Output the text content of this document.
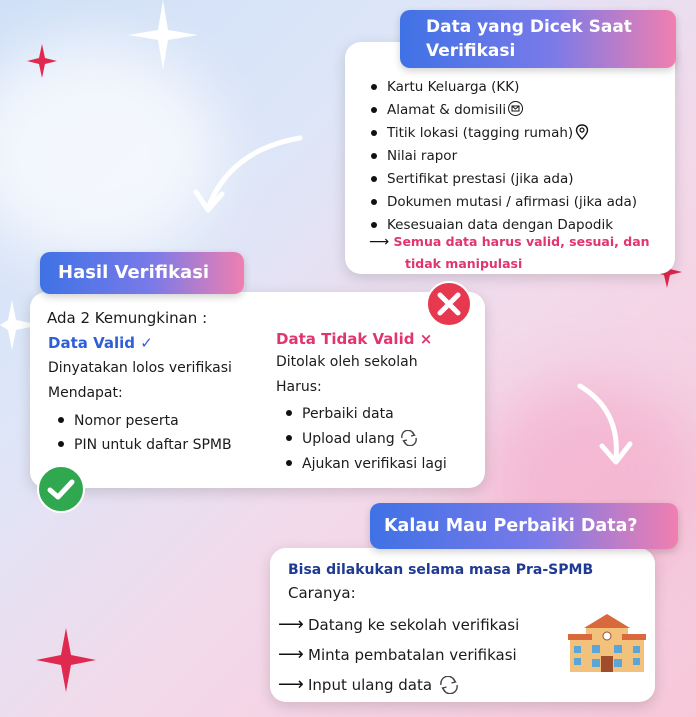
Kartu Keluarga (KK)
Alamat & domisili
Titik lokasi (tagging rumah)
Nilai rapor
Sertifikat prestasi (jika ada)
Dokumen mutasi / afirmasi (jika ada)
Kesesuaian data dengan Dapodik
⟶ Semua data harus valid, sesuai, dan
tidak manipulasi
Data yang Dicek Saat
Verifikasi
Ada 2 Kemungkinan :
Data Valid ✓
Dinyatakan lolos verifikasi
Mendapat:
Nomor peserta
PIN untuk daftar SPMB
Data Tidak Valid ×
Ditolak oleh sekolah
Harus:
Perbaiki data
Upload ulang
Ajukan verifikasi lagi
Hasil Verifikasi
Bisa dilakukan selama masa Pra-SPMB
Caranya:
⟶ Datang ke sekolah verifikasi
⟶ Minta pembatalan verifikasi
⟶ Input ulang data
Kalau Mau Perbaiki Data?
